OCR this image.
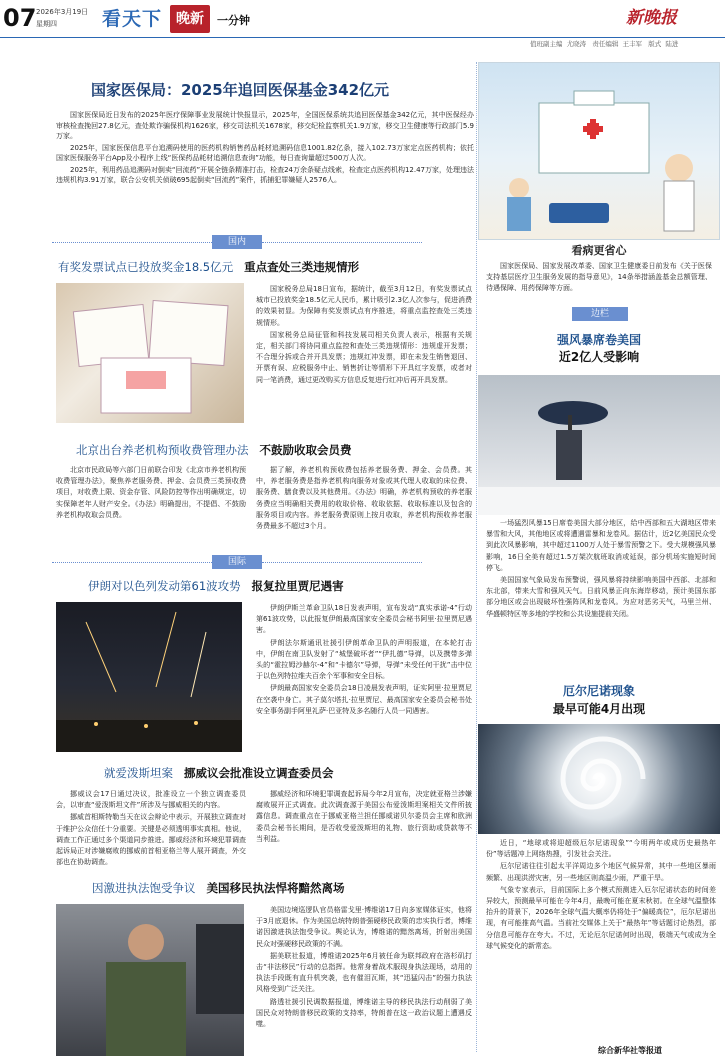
07 2026年3月19日
星期四 看天下 晚新	一分钟	新晚报
值班副主编 尤晓涛 责任编辑 王丰军 版式 陆进
国家医保局：2025年追回医保基金342亿元

国家医保局近日发布的2025年医疗保障事业发展统计快报显示，2025年，全国医保系统共追回医保基金342亿元，其中医保经办审核检查挽回27.8亿元，查处欺诈骗保机构1626家，移交司法机关1678家，移交纪检监察机关1.9万家，移交卫生健康等行政部门5.9万家。

2025年，国家医保信息平台追溯码使用的医药机构销售药品耗材追溯码信息1001.82亿条，接入102.73万家定点医药机构；依托国家医保服务平台App及小程序上线“医保药品耗材追溯信息查询”功能，每日查询量超过500万人次。

2025年，利用药品追溯码对倒卖“回流药”开展全链条精准打击，检查24万余条疑点线索，检查定点医药机构12.47万家，处理违法违规机构3.91万家，联合公安机关侦破695起倒卖“回流药”案件，抓捕犯罪嫌疑人2576人。

看病更省心
国家医保局、国家发展改革委、国家卫生健康委日前发布《关于医保支持基层医疗卫生服务发展的指导意见》，14条举措涵盖基金总额管理、待遇保障、用药保障等方面。
国内
有奖发票试点已投放奖金18.5亿元 重点查处三类违规情形

国家税务总局18日宣布，据统计，截至3月12日，有奖发票试点城市已投放奖金18.5亿元人民币，累计吸引2.3亿人次参与，促进消费的效果初显。为保障有奖发票试点有序推进，将重点监控查处三类违规情形。

国家税务总局征管和科技发展司相关负责人表示，根据有关规定，相关部门将协同重点监控和查处三类违规情形：违规虚开发票；不合理分拆或合并开具发票；违规红冲发票，即在未发生销售退回、开票有误、应税服务中止、销售折让等情形下开具红字发票，或者对同一笔消费，通过更改购买方信息反复进行红冲后再开具发票。

北京出台养老机构预收费管理办法 不鼓励收取会员费

北京市民政局等六部门日前联合印发《北京市养老机构预收费管理办法》，聚焦养老服务费、押金、会员费三类预收费项目，对收费上限、资金存管、风险防控等作出明确规定，切实保障老年人财产安全。《办法》明确提出，不提倡、不鼓励养老机构收取会员费。

据了解，养老机构预收费包括养老服务费、押金、会员费。其中，养老服务费是指养老机构向服务对象或其代理人收取的床位费、服务费、膳食费以及其他费用。《办法》明确，养老机构预收的养老服务费应当明确相关费用的收取价格、收取依据、收取标准以及包含的服务项目或内容。养老服务费原则上按月收取，养老机构预收养老服务费最多不超过3个月。

国际
伊朗对以色列发动第61波攻势 报复拉里贾尼遇害

伊朗伊斯兰革命卫队18日发表声明，宣布发动“真实承诺-4”行动第61波攻势，以此报复伊朗最高国家安全委员会秘书阿里·拉里贾尼遇害。

伊朗法尔斯通讯社援引伊朗革命卫队的声明报道，在本轮打击中，伊朗在南卫队发射了“城堡破坏者”“伊扎德”导弹，以及携带多弹头的“霍拉姆沙赫尔-4”和“卡德尔”导弹，导弹“未受任何干扰”击中位于以色列特拉维夫百余个军事和安全目标。

伊朗最高国家安全委员会18日凌晨发表声明，证实阿里·拉里贾尼在空袭中身亡。其子莫尔塔扎·拉里贾尼、最高国家安全委员会秘书处安全事务副手阿里礼萨·巴亚特及多名随行人员一同遇害。

就爱泼斯坦案 挪威议会批准设立调查委员会

挪威议会17日通过决议，批准设立一个独立调查委员会，以审查“爱泼斯坦文件”所涉及与挪威相关的内容。

挪威首相斯特勒当天在议会辩论中表示，开展独立调查对于维护公众信任十分重要。关键是必须透明事实真相。他说，调查工作正通过多个渠道同步推进。挪威经济和环境犯罪调查起诉局正对涉嫌腐败的挪威前首相亚格兰等人展开调查，外交部也在协助调查。

挪威经济和环境犯罪调查起诉局今年2月宣布，决定就亚格兰涉嫌腐败展开正式调查。此次调查源于美国公布爱泼斯坦案相关文件所披露信息。调查重点在于挪威亚格兰担任挪威诺贝尔委员会主席和欧洲委员会秘书长期间，是否收受爱泼斯坦的礼物、旅行资助或贷款等不当利益。

因激进执法饱受争议 美国移民执法悍将黯然离场

美国边境巡逻队官员格雷戈里·博维诺17日向多家媒体证实，他将于3月底退休。作为美国总统特朗普强硬移民政策的忠实执行者，博维诺因激进执法饱受争议。舆论认为，博维诺的黯然离场，折射出美国民众对强硬移民政策的不满。

据美联社报道，博维诺2025年6月被任命为联邦政府在洛杉矶打击“非法移民”行动的总指挥。他常身着战术服现身执法现场，动用的执法手段既有直升机突袭，也有催泪瓦斯，其“迅猛闪击”的强力执法风格受到广泛关注。

路透社援引民调数据报道，博维诺主导的移民执法行动削弱了美国民众对特朗普移民政策的支持率，特朗普在这一政治议题上遭遇反噬。

边栏
强风暴席卷美国
近2亿人受影响

一场猛烈风暴15日席卷美国大部分地区，给中西部和五大湖地区带来暴雪和大风，其他地区或将遭遇雷暴和龙卷风。据估计，近2亿美国民众受到此次风暴影响，其中超过1100万人处于暴雪预警之下。受大规模强风暴影响，16日全美有超过1.5万架次航班取消或延误，部分机场实施短时间停飞。

美国国家气象局发布预警说，强风暴将持续影响美国中西部、北部和东北部，带来大雪和强风天气。日前风暴正向东海岸移动，预计美国东部部分地区或会出现破坏性强阵风和龙卷风。为应对恶劣天气，马里兰州、华盛顿特区等多地的学校和公共设施提前关闭。

厄尔尼诺现象
最早可能4月出现

近日，“地球或将迎超级厄尔尼诺现象”“今明两年或成历史最热年份”等话题冲上网络热搜，引发社会关注。

厄尔尼诺往往引起太平洋周边多个地区气候异常，其中一些地区暴雨频繁、出现洪涝灾害，另一些地区则高温少雨，严重干旱。

气象专家表示，目前国际上多个模式预测进入厄尔尼诺状态的时间差异较大，预测最早可能在今年4月，最晚可能在夏末秋初。在全球气温整体抬升的背景下，2026年全球气温大概率仍将处于“偏暖高位”，厄尔尼诺出现，有可能推高气温。当前社交媒体上关于“最热年”等话题讨论热烈，部分信息可能存在夸大。不过，无论厄尔尼诺何时出现，极端天气或成为全球气候变化的新常态。

综合新华社等报道
